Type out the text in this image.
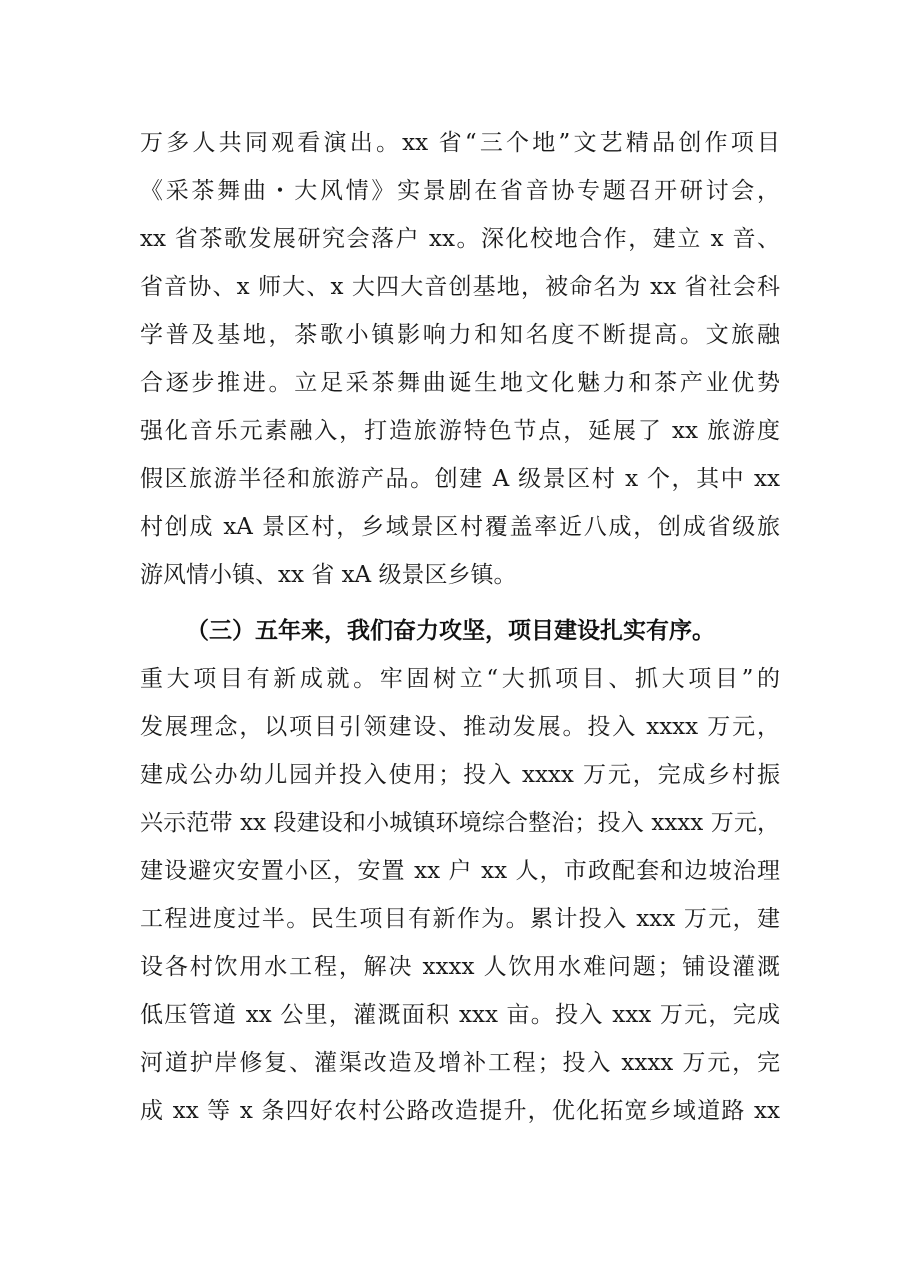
万多人共同观看演出。xx 省“三个地”文艺精品创作项目
《采茶舞曲・大风情》实景剧在省音协专题召开研讨会，
xx 省茶歌发展研究会落户 xx。深化校地合作，建立 x 音、
省音协、x 师大、x 大四大音创基地，被命名为 xx 省社会科
学普及基地，茶歌小镇影响力和知名度不断提高。文旅融
合逐步推进。立足采茶舞曲诞生地文化魅力和茶产业优势
强化音乐元素融入，打造旅游特色节点，延展了 xx 旅游度
假区旅游半径和旅游产品。创建 A 级景区村 x 个，其中 xx
村创成 xA 景区村，乡域景区村覆盖率近八成，创成省级旅
游风情小镇、xx 省 xA 级景区乡镇。
（三）五年来，我们奋力攻坚，项目建设扎实有序。
重大项目有新成就。牢固树立“大抓项目、抓大项目”的
发展理念，以项目引领建设、推动发展。投入 xxxx 万元，
建成公办幼儿园并投入使用；投入 xxxx 万元，完成乡村振
兴示范带 xx 段建设和小城镇环境综合整治；投入 xxxx 万元，
建设避灾安置小区，安置 xx 户 xx 人，市政配套和边坡治理
工程进度过半。民生项目有新作为。累计投入 xxx 万元，建
设各村饮用水工程，解决 xxxx 人饮用水难问题；铺设灌溉
低压管道 xx 公里，灌溉面积 xxx 亩。投入 xxx 万元，完成
河道护岸修复、灌渠改造及增补工程；投入 xxxx 万元，完
成 xx 等 x 条四好农村公路改造提升，优化拓宽乡域道路 xx
